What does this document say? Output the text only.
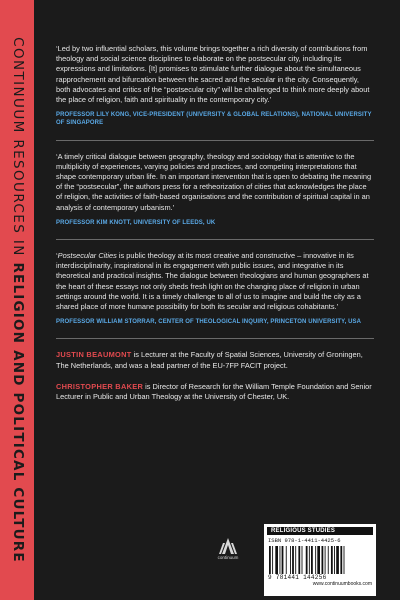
CONTINUUM RESOURCES IN RELIGION AND POLITICAL CULTURE
‘Led by two influential scholars, this volume brings together a rich diversity of contributions from theology and social science disciplines to elaborate on the postsecular city, including its expressions and limitations. [It] promises to stimulate further dialogue about the simultaneous rapprochement and bifurcation between the sacred and the secular in the city. Consequently, both advocates and critics of the “postsecular city” will be challenged to think more deeply about the place of religion, faith and spirituality in the contemporary city.’
PROFESSOR LILY KONG, VICE-PRESIDENT (UNIVERSITY & GLOBAL RELATIONS), NATIONAL UNIVERSITY OF SINGAPORE
‘A timely critical dialogue between geography, theology and sociology that is attentive to the multiplicity of experiences, varying policies and practices, and competing interpretations that shape contemporary urban life. In an important intervention that is open to debating the meaning of the “postsecular”, the authors press for a retheorization of cities that acknowledges the place of religion, the activities of faith-based organisations and the contribution of spiritual capital in an analysis of contemporary urbanism.’
PROFESSOR KIM KNOTT, UNIVERSITY OF LEEDS, UK
‘Postsecular Cities is public theology at its most creative and constructive – innovative in its interdisciplinarity, inspirational in its engagement with public issues, and integrative in its theoretical and practical insights. The dialogue between theologians and human geographers at the heart of these essays not only sheds fresh light on the changing place of religion in urban settings around the world. It is a timely challenge to all of us to imagine and build the city as a shared place of more humane possibility for both its secular and religious cohabitants.’
PROFESSOR WILLIAM STORRAR, CENTER OF THEOLOGICAL INQUIRY, PRINCETON UNIVERSITY, USA
JUSTIN BEAUMONT is Lecturer at the Faculty of Spatial Sciences, University of Groningen, The Netherlands, and was a lead partner of the EU-7FP FACIT project.
CHRISTOPHER BAKER is Director of Research for the William Temple Foundation and Senior Lecturer in Public and Urban Theology at the University of Chester, UK.
continuum
RELIGIOUS STUDIES
ISBN 978-1-4411-4425-6
9 781441 144256
www.continuumbooks.com
